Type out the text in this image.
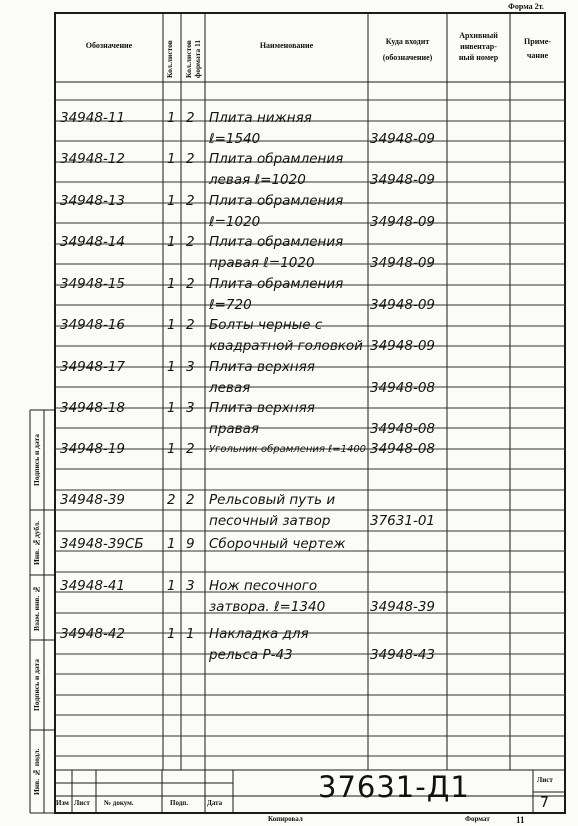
Форма 2т.
Обозначение	Кол.листов Кол.листов формата 11	Наименование	Куда входит
(обозначение)
Архивный
инвентар-
ный номер
Приме-
чание
34948-11	1 2 Плита нижняя
ℓ=1540	34948-09
34948-12	1 2 Плита обрамления
левая ℓ=1020	34948-09
34948-13	1 2 Плита обрамления
ℓ=1020	34948-09
34948-14	1 2 Плита обрамления
правая ℓ=1020	34948-09
34948-15	1 2 Плита обрамления
ℓ=720	34948-09
34948-16	1 2 Болты черные с
квадратной головкой 34948-09
34948-17	1 3 Плита верхняя
левая	34948-08
34948-18	1 3 Плита верхняя
правая	34948-08
34948-19	1 2 Угольник обрамления ℓ=1400 34948-08
34948-39	2 2 Рельсовый путь и
песочный затвор	37631-01
34948-39СБ 1 9 Сборочный чертеж
34948-41	1 3 Нож песочного
затвора. ℓ=1340	34948-39
34948-42	1 1 Накладка для
рельса Р-43	34948-43
Подпись и дата
Инв. №дубл.
Взам. инв. №
Подпись и дата
Инв. № подл.
Изм Лист № докум.	Подп.	Дата	37631-Д1	Лист
7
Копировал	Формат	11
